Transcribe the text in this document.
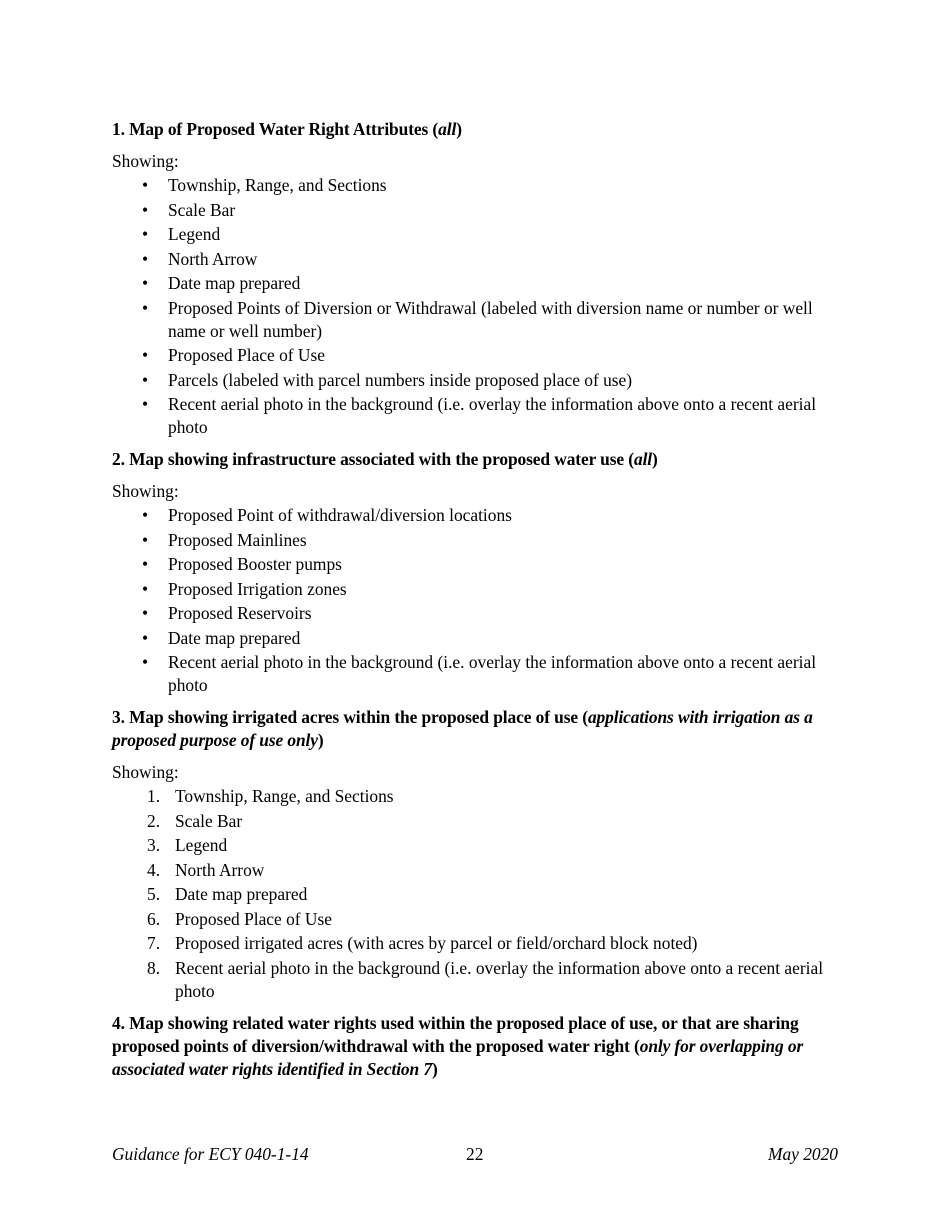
1. Map of Proposed Water Right Attributes (all)

Showing:

• Township, Range, and Sections
• Scale Bar
• Legend
• North Arrow
• Date map prepared
• Proposed Points of Diversion or Withdrawal (labeled with diversion name or number or well name or well number)
• Proposed Place of Use
• Parcels (labeled with parcel numbers inside proposed place of use)
• Recent aerial photo in the background (i.e. overlay the information above onto a recent aerial photo
2. Map showing infrastructure associated with the proposed water use (all)

Showing:

• Proposed Point of withdrawal/diversion locations
• Proposed Mainlines
• Proposed Booster pumps
• Proposed Irrigation zones
• Proposed Reservoirs
• Date map prepared
• Recent aerial photo in the background (i.e. overlay the information above onto a recent aerial photo
3. Map showing irrigated acres within the proposed place of use (applications with irrigation as a proposed purpose of use only)

Showing:

1. Township, Range, and Sections
2. Scale Bar
3. Legend
4. North Arrow
5. Date map prepared
6. Proposed Place of Use
7. Proposed irrigated acres (with acres by parcel or field/orchard block noted)
8. Recent aerial photo in the background (i.e. overlay the information above onto a recent aerial photo
4. Map showing related water rights used within the proposed place of use, or that are sharing proposed points of diversion/withdrawal with the proposed water right (only for overlapping or associated water rights identified in Section 7)
Guidance for ECY 040-1-14	22	May 2020
